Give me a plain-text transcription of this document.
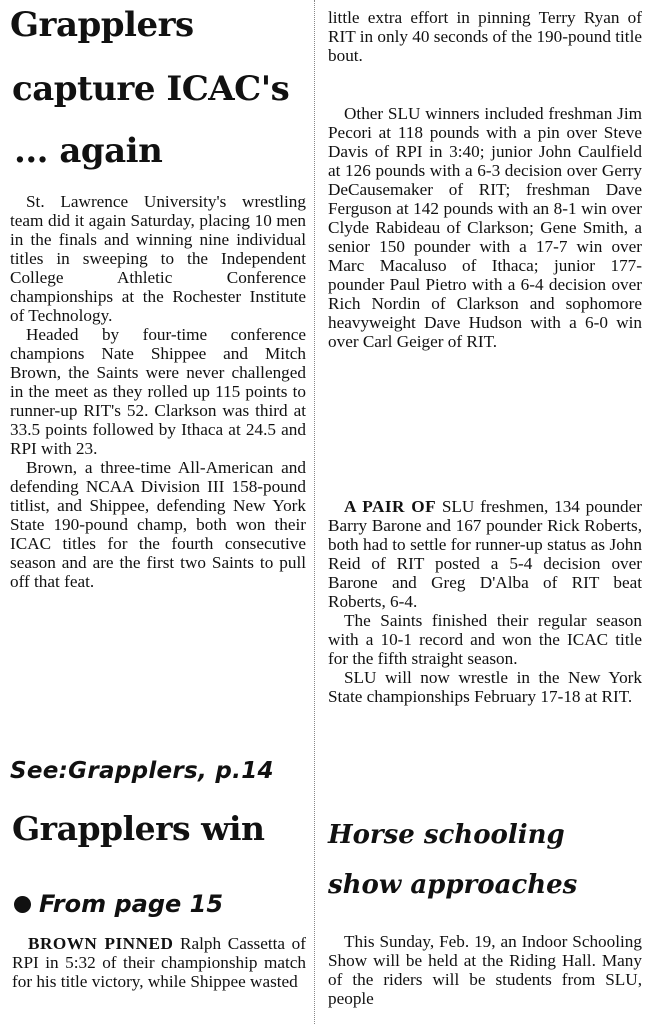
Grapplers
capture ICAC's
... again

St. Lawrence University's wrestling team did it again Saturday, placing 10 men in the finals and winning nine individual titles in sweeping to the Independent College Athletic Conference championships at the Rochester Institute of Technology.

Headed by four-time conference champions Nate Shippee and Mitch Brown, the Saints were never challenged in the meet as they rolled up 115 points to runner-up RIT's 52. Clarkson was third at 33.5 points followed by Ithaca at 24.5 and RPI with 23.

Brown, a three-time All-American and defending NCAA Division III 158-pound titlist, and Shippee, defending New York State 190-pound champ, both won their ICAC titles for the fourth consecutive season and are the first two Saints to pull off that feat.

See:Grapplers, p.14
Grapplers win
From page 15

BROWN PINNED Ralph Cassetta of RPI in 5:32 of their championship match for his title victory, while Shippee wasted

little extra effort in pinning Terry Ryan of RIT in only 40 seconds of the 190-pound title bout.

Other SLU winners included freshman Jim Pecori at 118 pounds with a pin over Steve Davis of RPI in 3:40; junior John Caulfield at 126 pounds with a 6-3 decision over Gerry DeCausemaker of RIT; freshman Dave Ferguson at 142 pounds with an 8-1 win over Clyde Rabideau of Clarkson; Gene Smith, a senior 150 pounder with a 17-7 win over Marc Macaluso of Ithaca; junior 177-pounder Paul Pietro with a 6-4 decision over Rich Nordin of Clarkson and sophomore heavyweight Dave Hudson with a 6-0 win over Carl Geiger of RIT.

A PAIR OF SLU freshmen, 134 pounder Barry Barone and 167 pounder Rick Roberts, both had to settle for runner-up status as John Reid of RIT posted a 5-4 decision over Barone and Greg D'Alba of RIT beat Roberts, 6-4.

The Saints finished their regular season with a 10-1 record and won the ICAC title for the fifth straight season.

SLU will now wrestle in the New York State championships February 17-18 at RIT.

Horse schooling
show approaches

This Sunday, Feb. 19, an Indoor Schooling Show will be held at the Riding Hall. Many of the riders will be students from SLU, people
